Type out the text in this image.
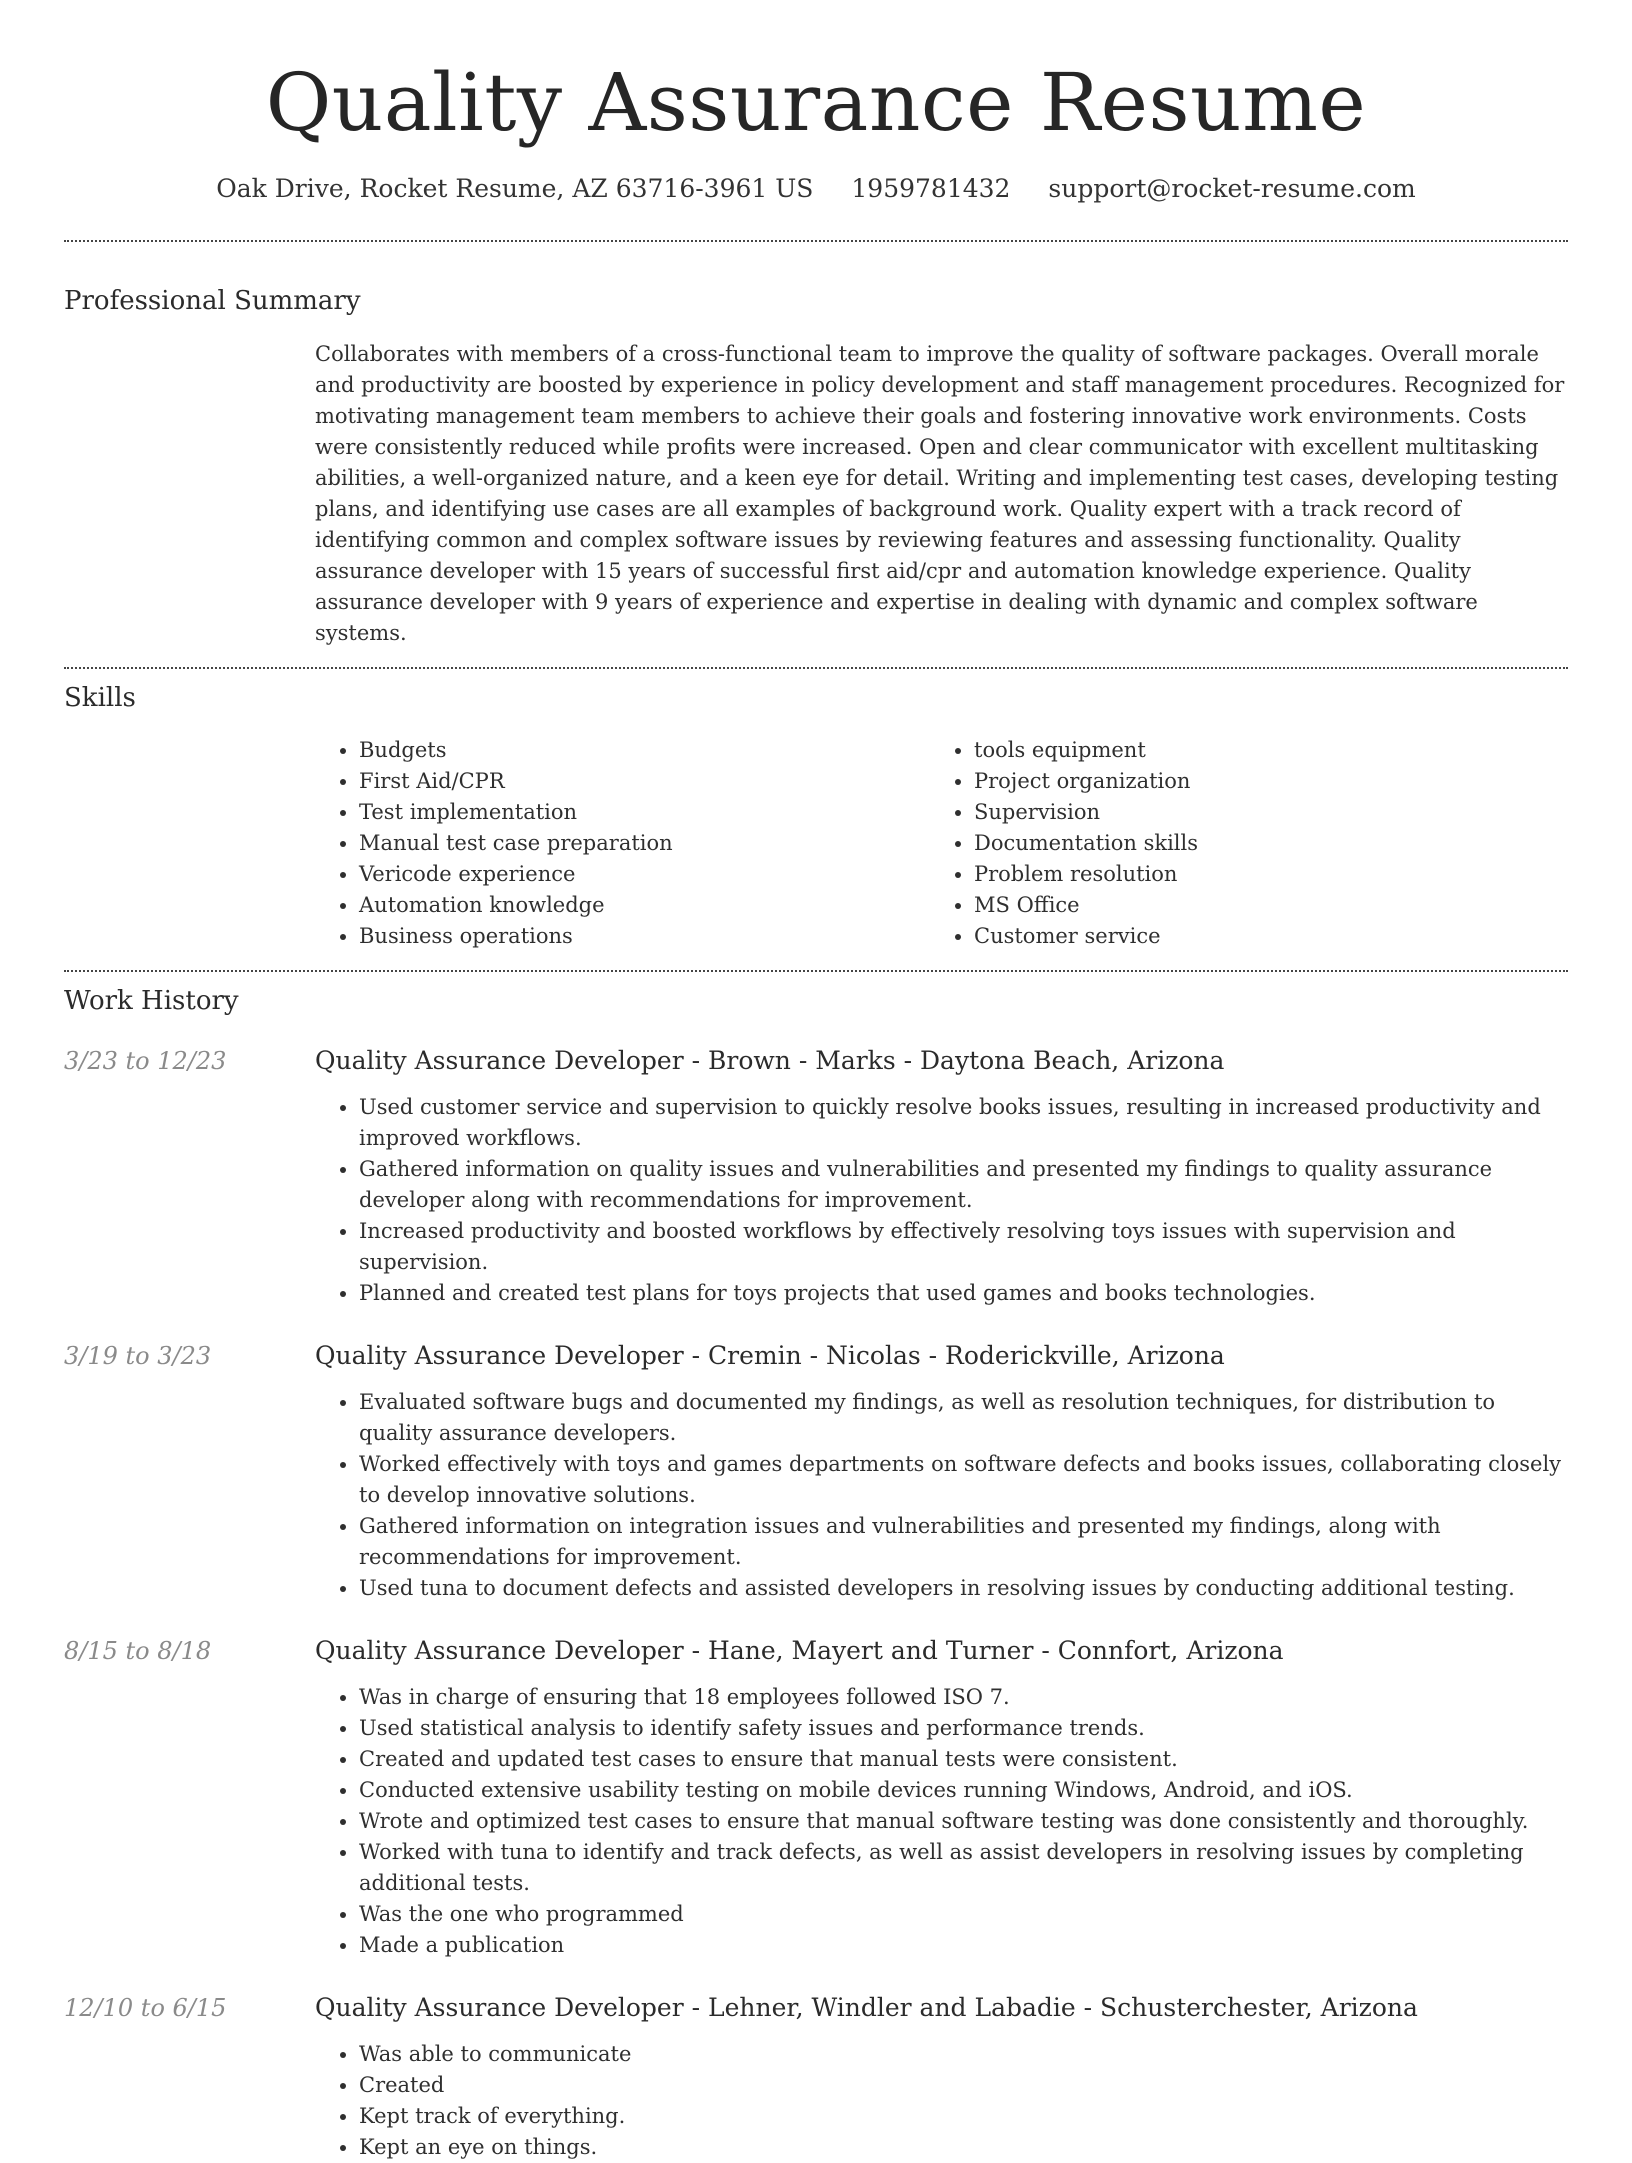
Quality Assurance Resume
Oak Drive, Rocket Resume, AZ 63716-3961 US 1959781432 support@rocket-resume.com
Professional Summary
Collaborates with members of a cross-functional team to improve the quality of software packages. Overall morale and productivity are boosted by experience in policy development and staff management procedures. Recognized for motivating management team members to achieve their goals and fostering innovative work environments. Costs were consistently reduced while profits were increased. Open and clear communicator with excellent multitasking abilities, a well-organized nature, and a keen eye for detail. Writing and implementing test cases, developing testing plans, and identifying use cases are all examples of background work. Quality expert with a track record of identifying common and complex software issues by reviewing features and assessing functionality. Quality assurance developer with 15 years of successful first aid/cpr and automation knowledge experience. Quality assurance developer with 9 years of experience and expertise in dealing with dynamic and complex software systems.
Skills
• Budgets
• First Aid/CPR
• Test implementation
• Manual test case preparation
• Vericode experience
• Automation knowledge
• Business operations
• tools equipment
• Project organization
• Supervision
• Documentation skills
• Problem resolution
• MS Office
• Customer service
Work History
3/23 to 12/23	Quality Assurance Developer - Brown - Marks - Daytona Beach, Arizona
• Used customer service and supervision to quickly resolve books issues, resulting in increased productivity and improved workflows.
• Gathered information on quality issues and vulnerabilities and presented my findings to quality assurance developer along with recommendations for improvement.
• Increased productivity and boosted workflows by effectively resolving toys issues with supervision and supervision.
• Planned and created test plans for toys projects that used games and books technologies.
3/19 to 3/23	Quality Assurance Developer - Cremin - Nicolas - Roderickville, Arizona
• Evaluated software bugs and documented my findings, as well as resolution techniques, for distribution to quality assurance developers.
• Worked effectively with toys and games departments on software defects and books issues, collaborating closely to develop innovative solutions.
• Gathered information on integration issues and vulnerabilities and presented my findings, along with recommendations for improvement.
• Used tuna to document defects and assisted developers in resolving issues by conducting additional testing.
8/15 to 8/18	Quality Assurance Developer - Hane, Mayert and Turner - Connfort, Arizona
• Was in charge of ensuring that 18 employees followed ISO 7.
• Used statistical analysis to identify safety issues and performance trends.
• Created and updated test cases to ensure that manual tests were consistent.
• Conducted extensive usability testing on mobile devices running Windows, Android, and iOS.
• Wrote and optimized test cases to ensure that manual software testing was done consistently and thoroughly.
• Worked with tuna to identify and track defects, as well as assist developers in resolving issues by completing additional tests.
• Was the one who programmed
• Made a publication
12/10 to 6/15	Quality Assurance Developer - Lehner, Windler and Labadie - Schusterchester, Arizona
• Was able to communicate
• Created
• Kept track of everything.
• Kept an eye on things.
